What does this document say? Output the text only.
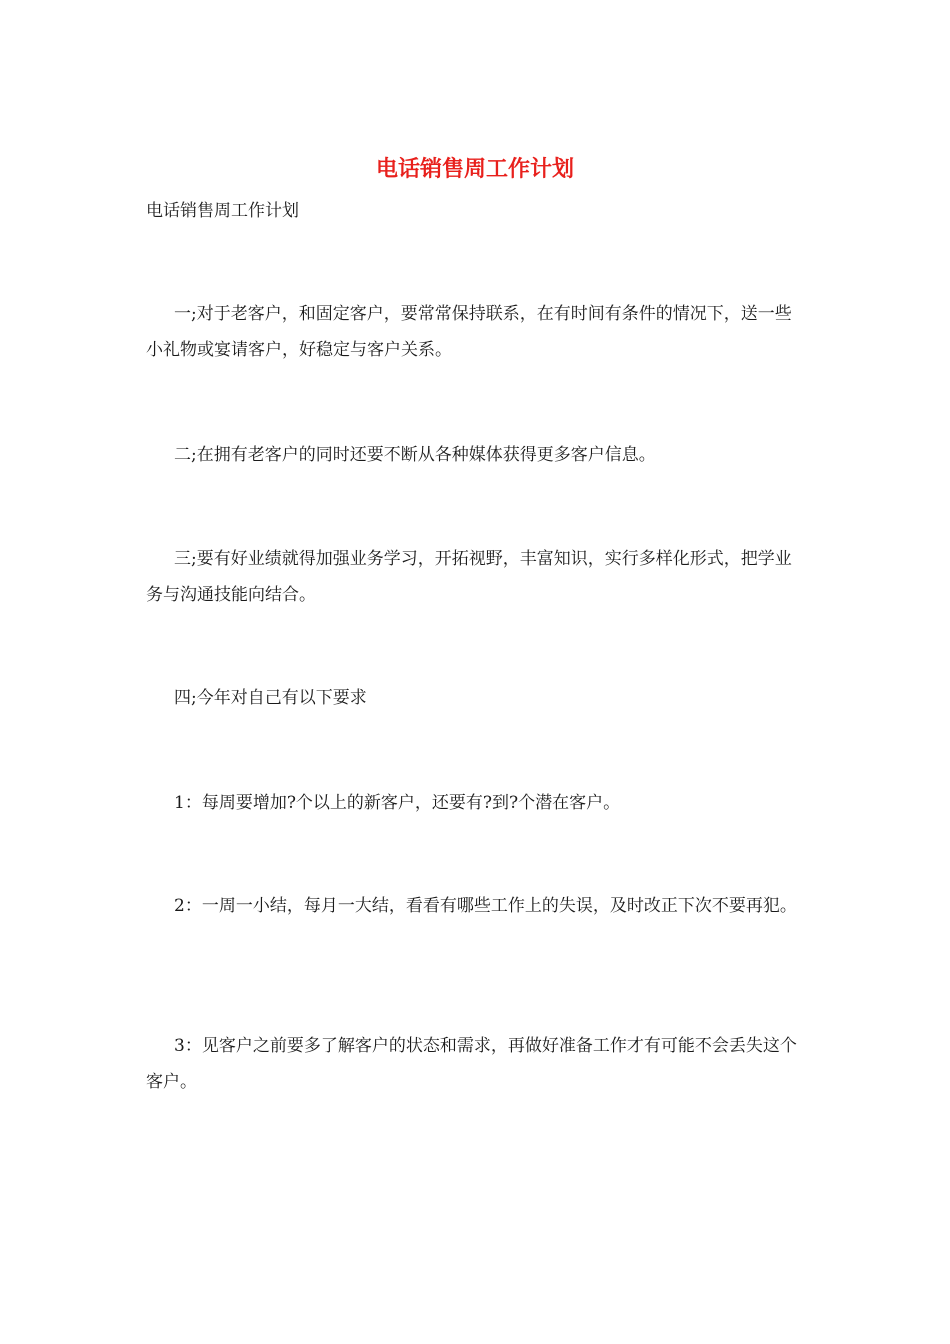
电话销售周工作计划
电话销售周工作计划
一;对于老客户，和固定客户，要常常保持联系，在有时间有条件的情况下，送一些小礼物或宴请客户，好稳定与客户关系。
二;在拥有老客户的同时还要不断从各种媒体获得更多客户信息。
三;要有好业绩就得加强业务学习，开拓视野，丰富知识，实行多样化形式，把学业务与沟通技能向结合。
四;今年对自己有以下要求
1：每周要增加?个以上的新客户，还要有?到?个潜在客户。
2：一周一小结，每月一大结，看看有哪些工作上的失误，及时改正下次不要再犯。
3：见客户之前要多了解客户的状态和需求，再做好准备工作才有可能不会丢失这个客户。
